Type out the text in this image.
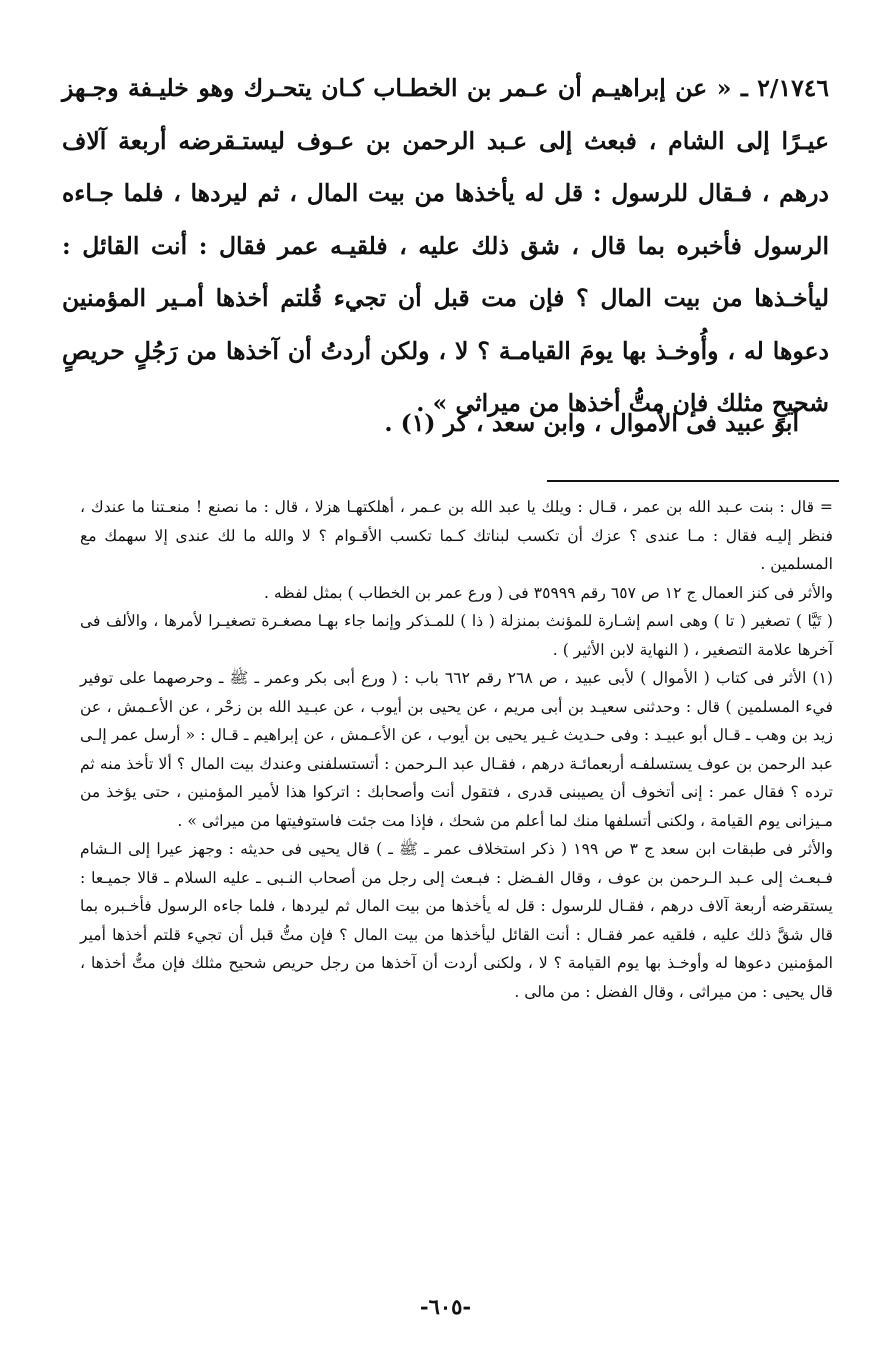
٢/١٧٤٦ ـ « عن إبراهيـم أن عـمر بن الخطـاب كـان يتحـرك وهو خليـفة وجـهز عيـرًا إلى الشام ، فبعث إلى عـبد الرحمن بن عـوف ليستـقرضه أربعة آلاف درهم ، فـقال للرسول : قل له يأخذها من بيت المال ، ثم ليردها ، فلما جـاءه الرسول فأخبره بما قال ، شق ذلك عليه ، فلقيـه عمر فقال : أنت القائل : ليأخـذها من بيت المال ؟ فإن مت قبل أن تجيء قُلتم أخذها أمـير المؤمنين دعوها له ، وأُوخـذ بها يومَ القيامـة ؟ لا ، ولكن أردتُ أن آخذها من رَجُلٍ حريصٍ شحيحٍ مثلك فإن متُّ أخذها من ميراثى » .

أبو عبيد فى الأموال ، وابن سعد ، كر (١) .

= قال : بنت عـبد الله بن عمر ، قـال : ويلك يا عبد الله بن عـمر ، أهلكتهـا هزلا ، قال : ما نصنع ! منعـتنا ما عندك ، فنظر إليـه فقال : مـا عندى ؟ عزك أن تكسب لبناتك كـما تكسب الأقـوام ؟ لا والله ما لك عندى إلا سهمك مع المسلمين .

والأثر فى كنز العمال ج ١٢ ص ٦٥٧ رقم ٣٥٩٩٩ فى ( ورع عمر بن الخطاب ) بمثل لفظه .

( تَيَّا ) تصغير ( تا ) وهى اسم إشـارة للمؤنث بمنزلة ( ذا ) للمـذكر وإنما جاء بهـا مصغـرة تصغيـرا لأمرها ، والألف فى آخرها علامة التصغير ، ( النهاية لابن الأثير ) .

(١) الأثر فى كتاب ( الأموال ) لأبى عبيد ، ص ٢٦٨ رقم ٦٦٢ باب : ( ورع أبى بكر وعمر ـ ﷺ ـ وحرصهما على توفير فيء المسلمين ) قال : وحدثنى سعيـد بن أبى مريم ، عن يحيى بن أيوب ، عن عبـيد الله بن زحْر ، عن الأعـمش ، عن زيد بن وهب ـ قـال أبو عبيـد : وفى حـديث غـير يحيى بن أيوب ، عن الأعـمش ، عن إبراهيم ـ قـال : « أرسل عمر إلـى عبد الرحمن بن عوف يستسلفـه أربعمائـة درهم ، فقـال عبد الـرحمن : أتستسلفنى وعندك بيت المال ؟ ألا تأخذ منه ثم ترده ؟ فقال عمر : إنى أتخوف أن يصيبنى قدرى ، فتقول أنت وأصحابك : اتركوا هذا لأمير المؤمنين ، حتى يؤخذ من مـيزانى يوم القيامة ، ولكنى أتسلفها منك لما أعلم من شحك ، فإذا مت جئت فاستوفيتها من ميراثى » .

والأثر فى طبقات ابن سعد ج ٣ ص ١٩٩ ( ذكر استخلاف عمر ـ ﷺ ـ ) قال يحيى فى حديثه : وجهز عيرا إلى الـشام فـبعـث إلى عـبد الـرحمن بن عوف ، وقال الفـضل : فبـعث إلى رجل من أصحاب النـبى ـ عليه السلام ـ قالا جميـعا : يستقرضه أربعة آلاف درهم ، فقـال للرسول : قل له يأخذها من بيت المال ثم ليردها ، فلما جاءه الرسول فأخـبره بما قال شقَّ ذلك عليه ، فلقيه عمر فقـال : أنت القائل ليأخذها من بيت المال ؟ فإن متُّ قبل أن تجيء قلتم أخذها أمير المؤمنين دعوها له وأوخـذ بها يوم القيامة ؟ لا ، ولكنى أردت أن آخذها من رجل حريص شحيح مثلك فإن متُّ أخذها ، قال يحيى : من ميراثى ، وقال الفضل : من مالى .

-٦٠٥-
